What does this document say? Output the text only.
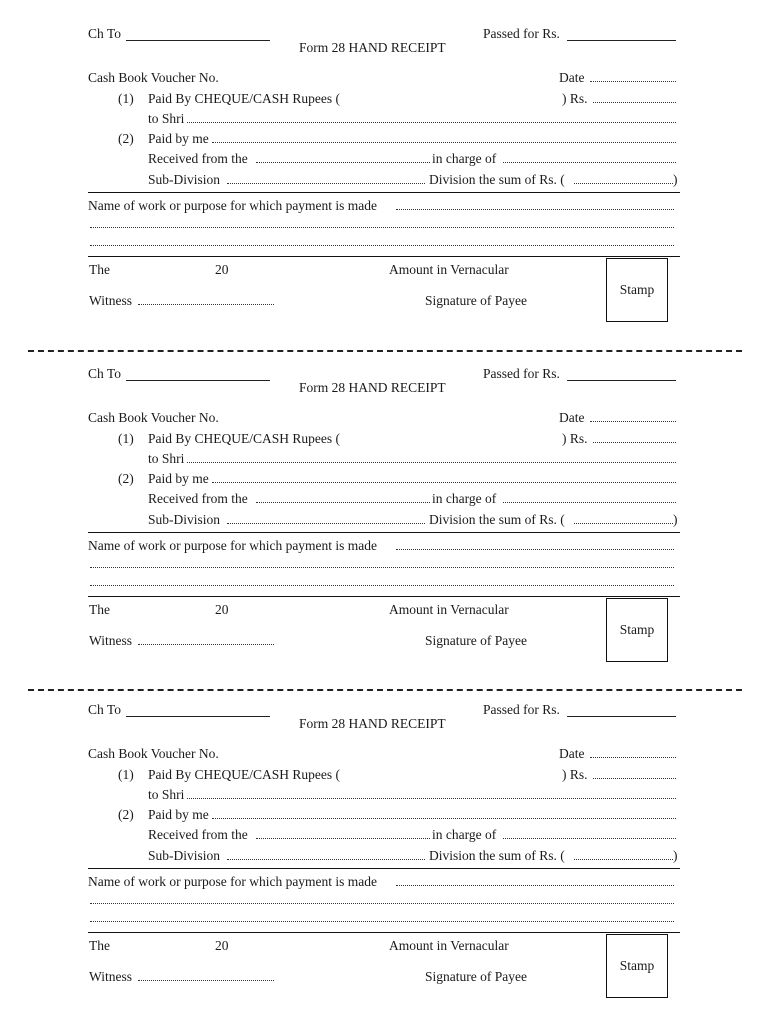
Ch To	Passed for Rs.
Form 28 HAND RECEIPT
Cash Book Voucher No.	Date
(1) Paid By CHEQUE/CASH Rupees (	) Rs.
to Shri
(2) Paid by me
Received from the	in charge of
Sub-Division	Division the sum of Rs. (	)
Name of work or purpose for which payment is made
The	20	Amount in Vernacular
Witness	Signature of Payee
Stamp
Ch To	Passed for Rs.
Form 28 HAND RECEIPT
Cash Book Voucher No.	Date
(1) Paid By CHEQUE/CASH Rupees (	) Rs.
to Shri
(2) Paid by me
Received from the	in charge of
Sub-Division	Division the sum of Rs. (	)
Name of work or purpose for which payment is made
The	20	Amount in Vernacular
Witness	Signature of Payee
Stamp
Ch To	Passed for Rs.
Form 28 HAND RECEIPT
Cash Book Voucher No.	Date
(1) Paid By CHEQUE/CASH Rupees (	) Rs.
to Shri
(2) Paid by me
Received from the	in charge of
Sub-Division	Division the sum of Rs. (	)
Name of work or purpose for which payment is made
The	20	Amount in Vernacular
Witness	Signature of Payee
Stamp
